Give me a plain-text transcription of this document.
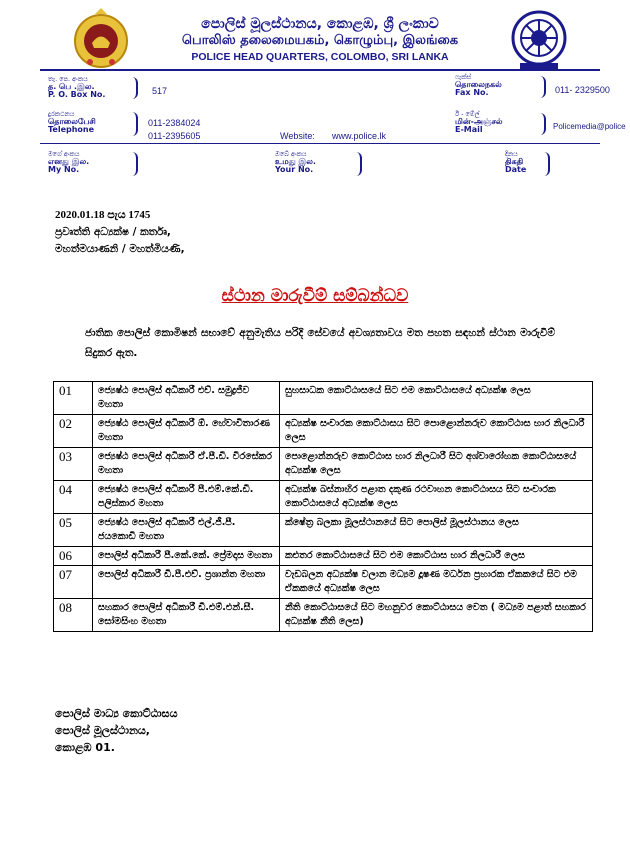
පොලිස් මූලස්ථානය, කොළඹ, ශ්‍රී ලංකාව
பொலிஸ் தலைமையகம், கொழும்பு, இலங்கை
POLICE HEAD QUARTERS, COLOMBO, SRI LANKA
තැ. පෙ. අංකය
த. பெ .இல.
P. O. Box No.	517
ෆැක්ස්
தொலைநகல்
Fax No.	011- 2329500
දුරකථනය
தொலைபேசி
Telephone
011-2384024
011-2395605	Website: www.police.lk
ඊ - මේල්
மின்-அஞ்சல்
E-Mail	Policemedia@police
මගේ අංකය
எனது இல.
My No.
ඔබේ අංකය
உமது இல.
Your No.
දිනය
திகதி
Date
2020.01.18 පැය 1745
ප්‍රවෘත්ති අධ්‍යක්ෂ / කර්තෘ,
මහත්මයාණනි / මහත්මියණි,
ස්ථාන මාරුවීම් සම්බන්ධව
ජාතික පොලිස් කොමිෂන් සභාවේ අනුමැතිය පරිදි සේවයේ අවශ්‍යතාවය මත පහත සඳහන් ස්ථාන මාරුවීම් සිදුකර ඇත.
01	ජ්‍යෙෂ්ඨ පොලිස් අධිකාරී එච්. සමුද්‍රජීව මහතා	සුභසාධක කොට්ඨාසයේ සිට එම කොට්ඨාසයේ අධ්‍යක්ෂ ලෙස
02	ජ්‍යෙෂ්ඨ පොලිස් අධිකාරී ඕ. හේවාවිතාරණ මහතා	අධ්‍යක්ෂ සංචාරක කොට්ඨාසය සිට පොළොන්නරුව කොට්ඨාස භාර නිලධාරී ලෙස
03	ජ්‍යෙෂ්ඨ පොලිස් අධිකාරී ඒ.පී.ඩී. වීරසේකර මහතා	පොළොන්නරුව කොට්ඨාස භාර නිලධාරී සිට අශ්වාරෝහක කොට්ඨාසයේ අධ්‍යක්ෂ ලෙස
04	ජ්‍යෙෂ්ඨ පොලිස් අධිකාරී පී.එම්.කේ.ඩී. පලිස්කාර මහතා	අධ්‍යක්ෂ බස්නාහිර පළාත දකුණ රථවාහන කොට්ඨාසය සිට සංචාරක කොට්ඨාසයේ අධ්‍යක්ෂ ලෙස
05	ජ්‍යෙෂ්ඨ පොලිස් අධිකාරී එල්.ජී.පී. ජයකොඩි මහතා	ක්ෂේත්‍ර බලකා මූලස්ථානයේ සිට පොලිස් මූලස්ථානය ලෙස
06	පොලිස් අධිකාරී පී.කේ.කේ. ප්‍රේමදාස මහතා	කළුතර කොට්ඨාසයේ සිට එම කොට්ඨාස භාර නිලධාරී ලෙස
07	පොලිස් අධිකාරී ඩී.පී.එච්. ප්‍රශාන්ත මහතා	වැඩබලන අධ්‍යක්ෂ වලාන මධ්‍යම දූෂණ මර්ධන ප්‍රහාරක ඒකකයේ සිට එම ඒකකයේ අධ්‍යක්ෂ ලෙස
08	සහකාර පොලිස් අධිකාරී ඩී.එම්.එන්.සී. සෝමසිංහ මහතා	නීති කොට්ඨාසයේ සිට මහනුවර කොට්ඨාසය වෙත ( මධ්‍යම පළාත් සහකාර අධ්‍යක්ෂ නීති ලෙස)
පොලිස් මාධ්‍ය කොට්ඨාසය
පොලිස් මූලස්ථානය,
කොළඹ 01.
